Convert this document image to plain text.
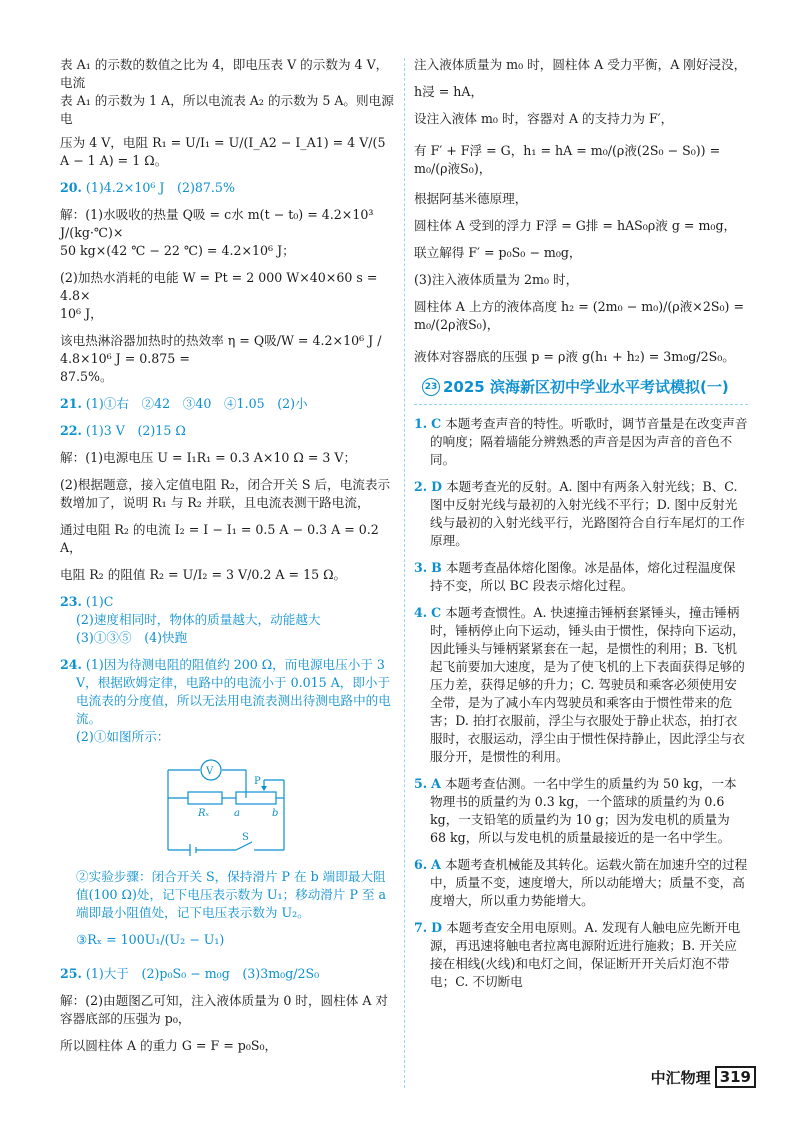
表 A₁ 的示数的数值之比为 4，即电压表 V 的示数为 4 V，电流

表 A₁ 的示数为 1 A，所以电流表 A₂ 的示数为 5 A。则电源电

压为 4 V，电阻 R₁ = U/I₁ = U/(I_A2 − I_A1) = 4 V/(5 A − 1 A) = 1 Ω。

20. (1)4.2×10⁶ J　(2)87.5%

解：(1)水吸收的热量 Q吸 = c水 m(t − t₀) = 4.2×10³ J/(kg·℃)×

50 kg×(42 ℃ − 22 ℃) = 4.2×10⁶ J；

(2)加热水消耗的电能 W = Pt = 2 000 W×40×60 s = 4.8×

10⁶ J，

该电热淋浴器加热时的热效率 η = Q吸/W = 4.2×10⁶ J / 4.8×10⁶ J = 0.875 =

87.5%。

21. (1)①右　②42　③40　④1.05　(2)小

22. (1)3 V　(2)15 Ω

解：(1)电源电压 U = I₁R₁ = 0.3 A×10 Ω = 3 V；

(2)根据题意，接入定值电阻 R₂，闭合开关 S 后，电流表示数增加了，说明 R₁ 与 R₂ 并联，且电流表测干路电流，

通过电阻 R₂ 的电流 I₂ = I − I₁ = 0.5 A − 0.3 A = 0.2 A，

电阻 R₂ 的阻值 R₂ = U/I₂ = 3 V/0.2 A = 15 Ω。

23. (1)C

(2)速度相同时，物体的质量越大，动能越大

(3)①③⑤　(4)快跑

24. (1)因为待测电阻的阻值约 200 Ω，而电源电压小于 3 V，根据欧姆定律，电路中的电流小于 0.015 A，即小于电流表的分度值，所以无法用电流表测出待测电路中的电流。

(2)①如图所示：

V
P
Rₓ a	b
S

②实验步骤：闭合开关 S，保持滑片 P 在 b 端即最大阻值(100 Ω)处，记下电压表示数为 U₁；移动滑片 P 至 a 端即最小阻值处，记下电压表示数为 U₂。

③Rₓ = 100U₁/(U₂ − U₁)

25. (1)大于　(2)p₀S₀ − m₀g　(3)3m₀g/2S₀

解：(2)由题图乙可知，注入液体质量为 0 时，圆柱体 A 对容器底部的压强为 p₀，

所以圆柱体 A 的重力 G = F = p₀S₀，

注入液体质量为 m₀ 时，圆柱体 A 受力平衡，A 刚好浸没，

h浸 = hA，

设注入液体 m₀ 时，容器对 A 的支持力为 F′，

有 F′ + F浮 = G，h₁ = hA = m₀/(ρ液(2S₀ − S₀)) = m₀/(ρ液S₀)，

根据阿基米德原理，

圆柱体 A 受到的浮力 F浮 = G排 = hAS₀ρ液 g = m₀g，

联立解得 F′ = p₀S₀ − m₀g，

(3)注入液体质量为 2m₀ 时，

圆柱体 A 上方的液体高度 h₂ = (2m₀ − m₀)/(ρ液×2S₀) = m₀/(2ρ液S₀)，

液体对容器底的压强 p = ρ液 g(h₁ + h₂) = 3m₀g/2S₀。

23 2025 滨海新区初中学业水平考试模拟(一)

1. C 本题考查声音的特性。听歌时，调节音量是在改变声音的响度；隔着墙能分辨熟悉的声音是因为声音的音色不同。

2. D 本题考查光的反射。A. 图中有两条入射光线；B、C. 图中反射光线与最初的入射光线不平行；D. 图中反射光线与最初的入射光线平行，光路图符合自行车尾灯的工作原理。

3. B 本题考查晶体熔化图像。冰是晶体，熔化过程温度保持不变，所以 BC 段表示熔化过程。

4. C 本题考查惯性。A. 快速撞击锤柄套紧锤头，撞击锤柄时，锤柄停止向下运动，锤头由于惯性，保持向下运动，因此锤头与锤柄紧紧套在一起，是惯性的利用；B. 飞机起飞前要加大速度，是为了使飞机的上下表面获得足够的压力差，获得足够的升力；C. 驾驶员和乘客必须使用安全带，是为了减小车内驾驶员和乘客由于惯性带来的危害；D. 拍打衣服前，浮尘与衣服处于静止状态，拍打衣服时，衣服运动，浮尘由于惯性保持静止，因此浮尘与衣服分开，是惯性的利用。

5. A 本题考查估测。一名中学生的质量约为 50 kg，一本物理书的质量约为 0.3 kg，一个篮球的质量约为 0.6 kg，一支铅笔的质量约为 10 g；因为发电机的质量为 68 kg，所以与发电机的质量最接近的是一名中学生。

6. A 本题考查机械能及其转化。运载火箭在加速升空的过程中，质量不变，速度增大，所以动能增大；质量不变，高度增大，所以重力势能增大。

7. D 本题考查安全用电原则。A. 发现有人触电应先断开电源，再迅速将触电者拉离电源附近进行施救；B. 开关应接在相线(火线)和电灯之间，保证断开开关后灯泡不带电；C. 不切断电

中汇物理 319
